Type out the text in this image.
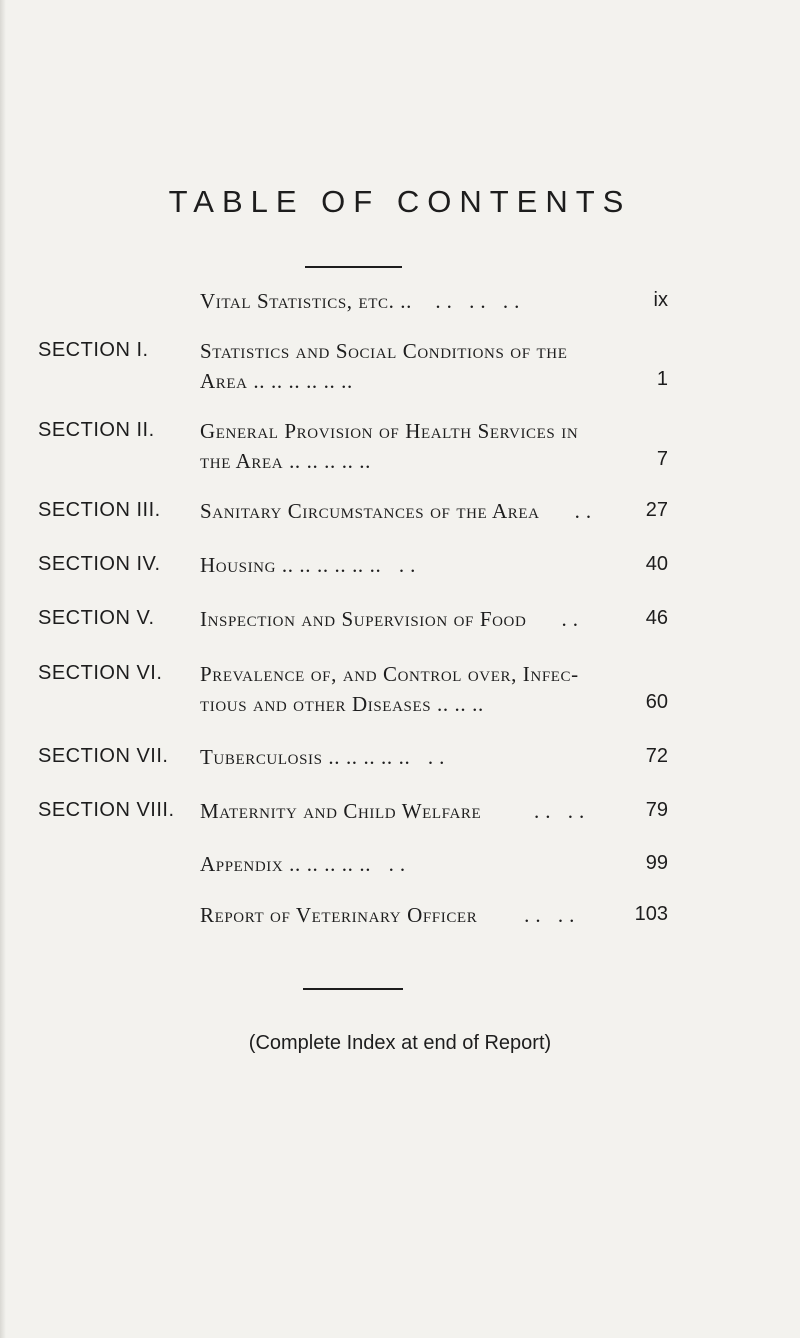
TABLE OF CONTENTS
Vital Statistics, etc. .. .. .. ..	ix
SECTION I. Statistics and Social Conditions of the
Area .. .. .. .. .. ..	1
SECTION II. General Provision of Health Services in
the Area .. .. .. .. ..	7
SECTION III. Sanitary Circumstances of the Area ..	27
SECTION IV. Housing .. .. .. .. .. .. ..	40
SECTION V. Inspection and Supervision of Food ..	46
SECTION VI. Prevalence of, and Control over, Infec-
tious and other Diseases .. .. ..	60
SECTION VII. Tuberculosis .. .. .. .. .. ..	72
SECTION VIII. Maternity and Child Welfare	.. ..	79
Appendix .. .. .. .. .. ..	99
Report of Veterinary Officer .. ..	103
(Complete Index at end of Report)
